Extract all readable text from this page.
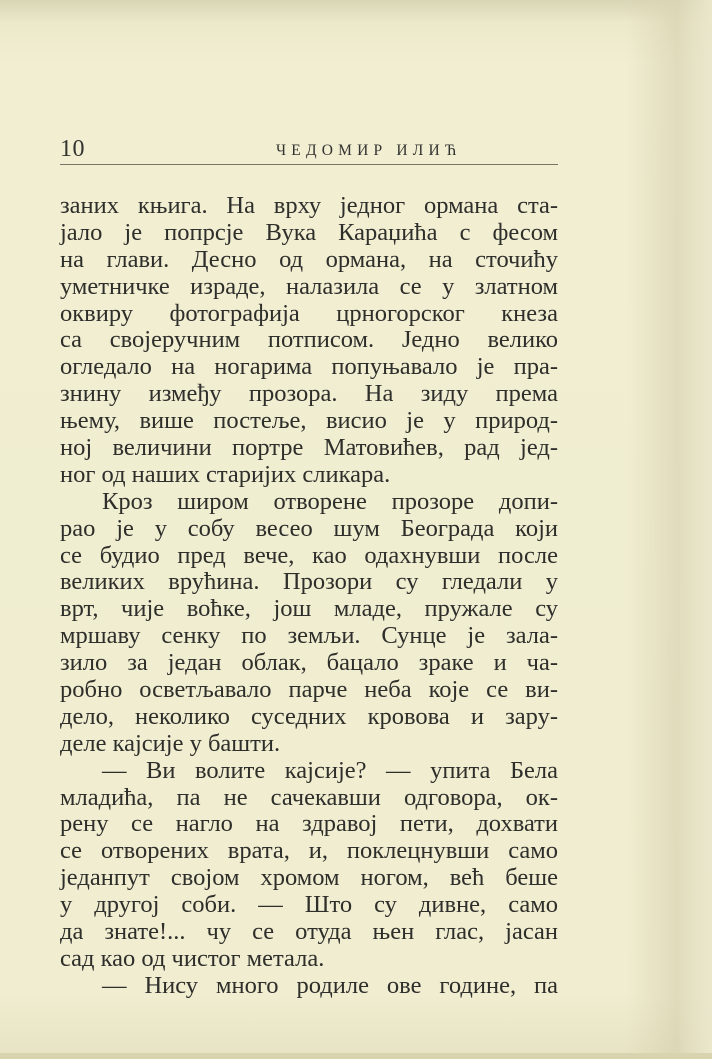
10	ЧЕДОМИР ИЛИЋ
заних књига. На врху једног ормана ста-
јало је попрсје Вука Караџића с фесом
на глави. Десно од ормана, на сточићу
уметничке израде, налазила се у златном
оквиру фотографија црногорског кнеза
са својеручним потписом. Једно велико
огледало на ногарима попуњавало је пра-
знину између прозора. На зиду према
њему, више постеље, висио је у природ-
ној величини портре Матовићев, рад јед-
ног од наших старијих сликара.
Кроз широм отворене прозоре допи-
рао је у собу весео шум Београда који
се будио пред вече, као одахнувши после
великих врућина. Прозори су гледали у
врт, чије воћке, још младе, пружале су
мршаву сенку по земљи. Сунце је зала-
зило за један облак, бацало зраке и ча-
робно осветљавало парче неба које се ви-
дело, неколико суседних кровова и зару-
деле кајсије у башти.
— Ви волите кајсије? — упита Бела
младића, па не сачекавши одговора, ок-
рену се нагло на здравој пети, дохвати
се отворених врата, и, поклецнувши само
једанпут својом хромом ногом, већ беше
у другој соби. — Што су дивне, само
да знате!... чу се отуда њен глас, јасан
сад као од чистог метала.
— Нису много родиле ове године, па
